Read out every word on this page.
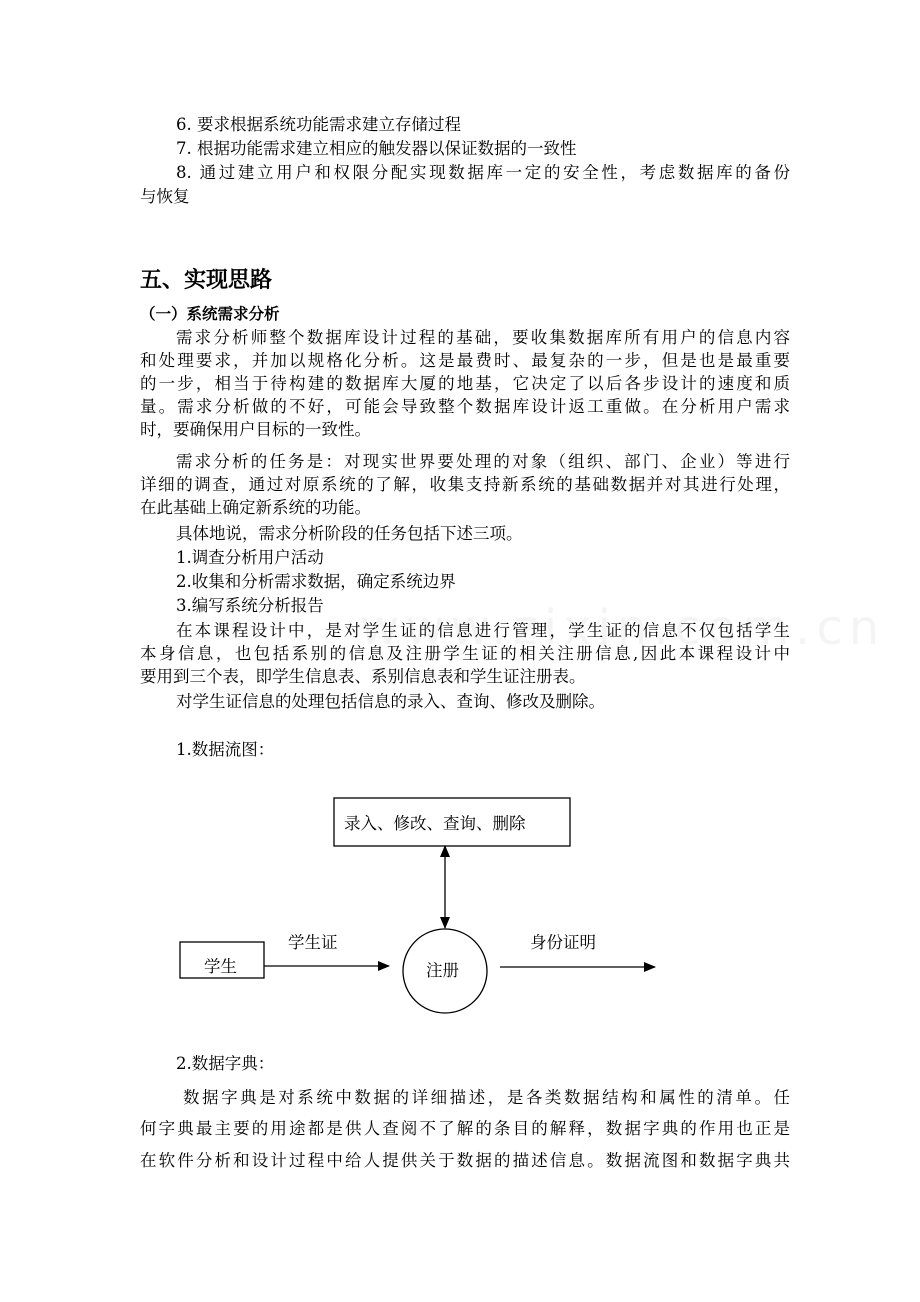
6. 要求根据系统功能需求建立存储过程
7. 根据功能需求建立相应的触发器以保证数据的一致性
8. 通过建立用户和权限分配实现数据库一定的安全性，考虑数据库的备份
与恢复
五、实现思路
（一）系统需求分析
需求分析师整个数据库设计过程的基础，要收集数据库所有用户的信息内容
和处理要求，并加以规格化分析。这是最费时、最复杂的一步，但是也是最重要
的一步，相当于待构建的数据库大厦的地基，它决定了以后各步设计的速度和质
量。需求分析做的不好，可能会导致整个数据库设计返工重做。在分析用户需求
时，要确保用户目标的一致性。
需求分析的任务是：对现实世界要处理的对象（组织、部门、企业）等进行
详细的调查，通过对原系统的了解，收集支持新系统的基础数据并对其进行处理，
在此基础上确定新系统的功能。
具体地说，需求分析阶段的任务包括下述三项。
1.调查分析用户活动
2.收集和分析需求数据，确定系统边界
3.编写系统分析报告
在本课程设计中，是对学生证的信息进行管理，学生证的信息不仅包括学生
本身信息，也包括系别的信息及注册学生证的相关注册信息,因此本课程设计中
要用到三个表，即学生信息表、系别信息表和学生证注册表。
对学生证信息的处理包括信息的录入、查询、修改及删除。
1.数据流图：
录入、修改、查询、删除
学生
学生证
注册
身份证明
2.数据字典：
数据字典是对系统中数据的详细描述，是各类数据结构和属性的清单。任
何字典最主要的用途都是供人查阅不了解的条目的解释，数据字典的作用也正是
在软件分析和设计过程中给人提供关于数据的描述信息。数据流图和数据字典共
